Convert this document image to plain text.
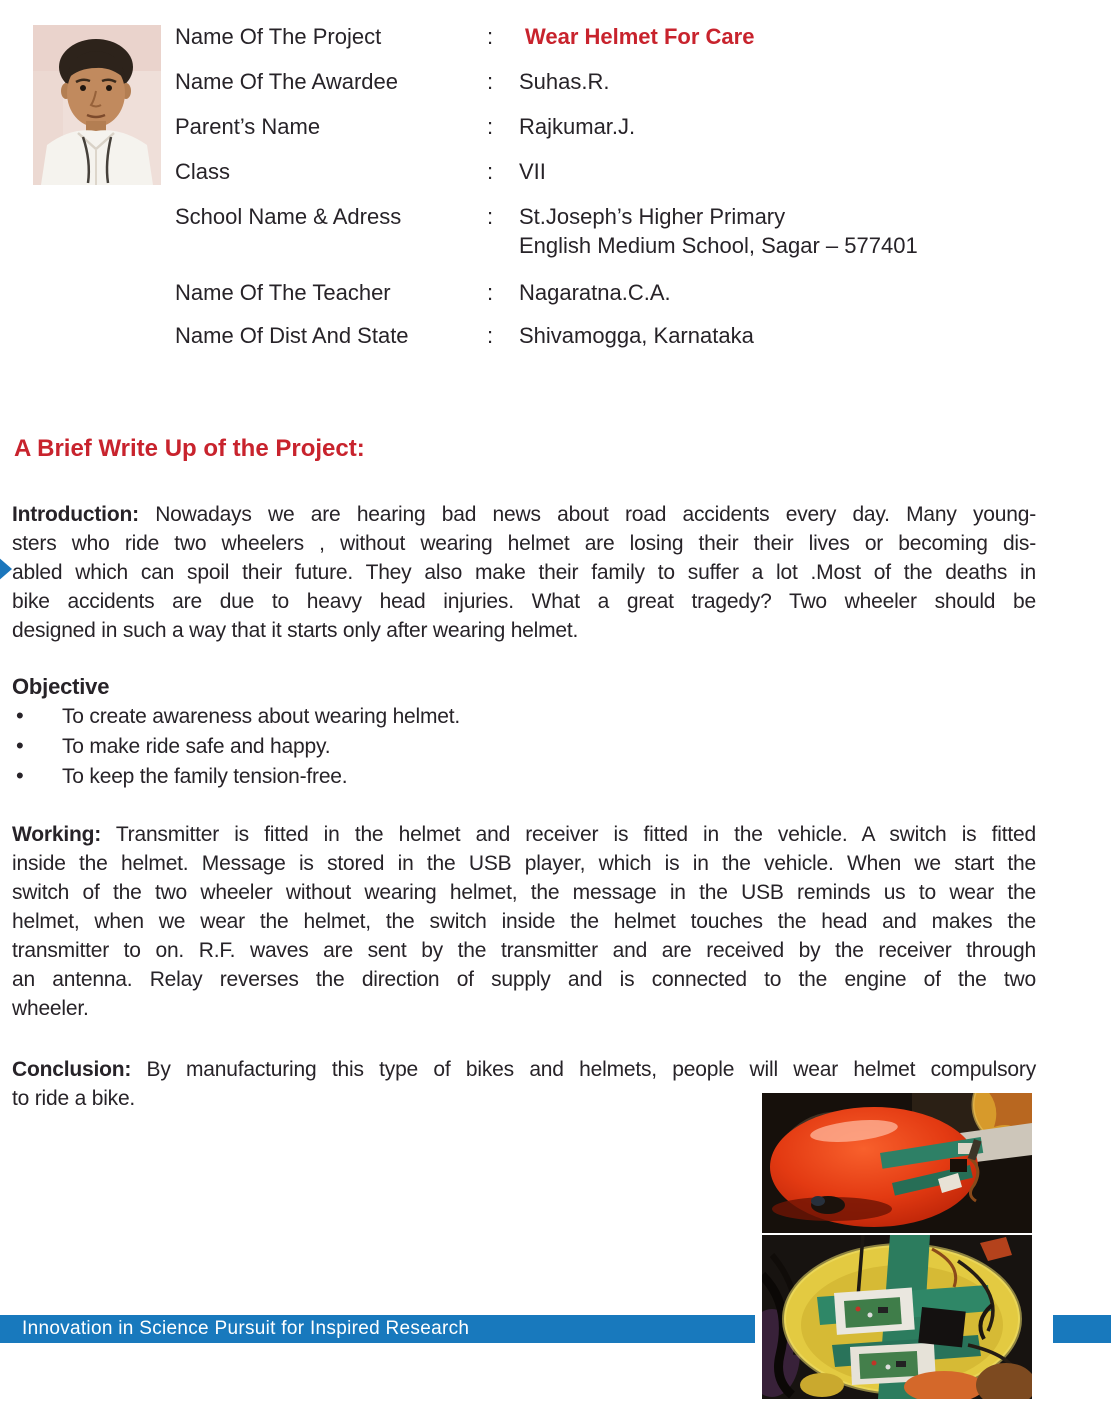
Name Of The Project	:	Wear Helmet For Care
Name Of The Awardee	:	Suhas.R.
Parent’s Name	:	Rajkumar.J.
Class	:	VII
School Name & Adress	:	St.Joseph’s Higher Primary
English Medium School, Sagar – 577401
Name Of The Teacher	:	Nagaratna.C.A.
Name Of Dist And State	:	Shivamogga, Karnataka
A Brief Write Up of the Project:
Introduction: Nowadays we are hearing bad news about road accidents every day. Many young-
sters who ride two wheelers , without wearing helmet are losing their their lives or becoming dis-
abled which can spoil their future. They also make their family to suffer a lot .Most of the deaths in
bike accidents are due to heavy head injuries. What a great tragedy? Two wheeler should be
designed in such a way that it starts only after wearing helmet.
Objective
• To create awareness about wearing helmet.
• To make ride safe and happy.
• To keep the family tension-free.
Working: Transmitter is fitted in the helmet and receiver is fitted in the vehicle. A switch is fitted
inside the helmet. Message is stored in the USB player, which is in the vehicle. When we start the
switch of the two wheeler without wearing helmet, the message in the USB reminds us to wear the
helmet, when we wear the helmet, the switch inside the helmet touches the head and makes the
transmitter to on. R.F. waves are sent by the transmitter and are received by the receiver through
an antenna. Relay reverses the direction of supply and is connected to the engine of the two
wheeler.
Conclusion: By manufacturing this type of bikes and helmets, people will wear helmet compulsory
to ride a bike.
Innovation in Science Pursuit for Inspired Research
